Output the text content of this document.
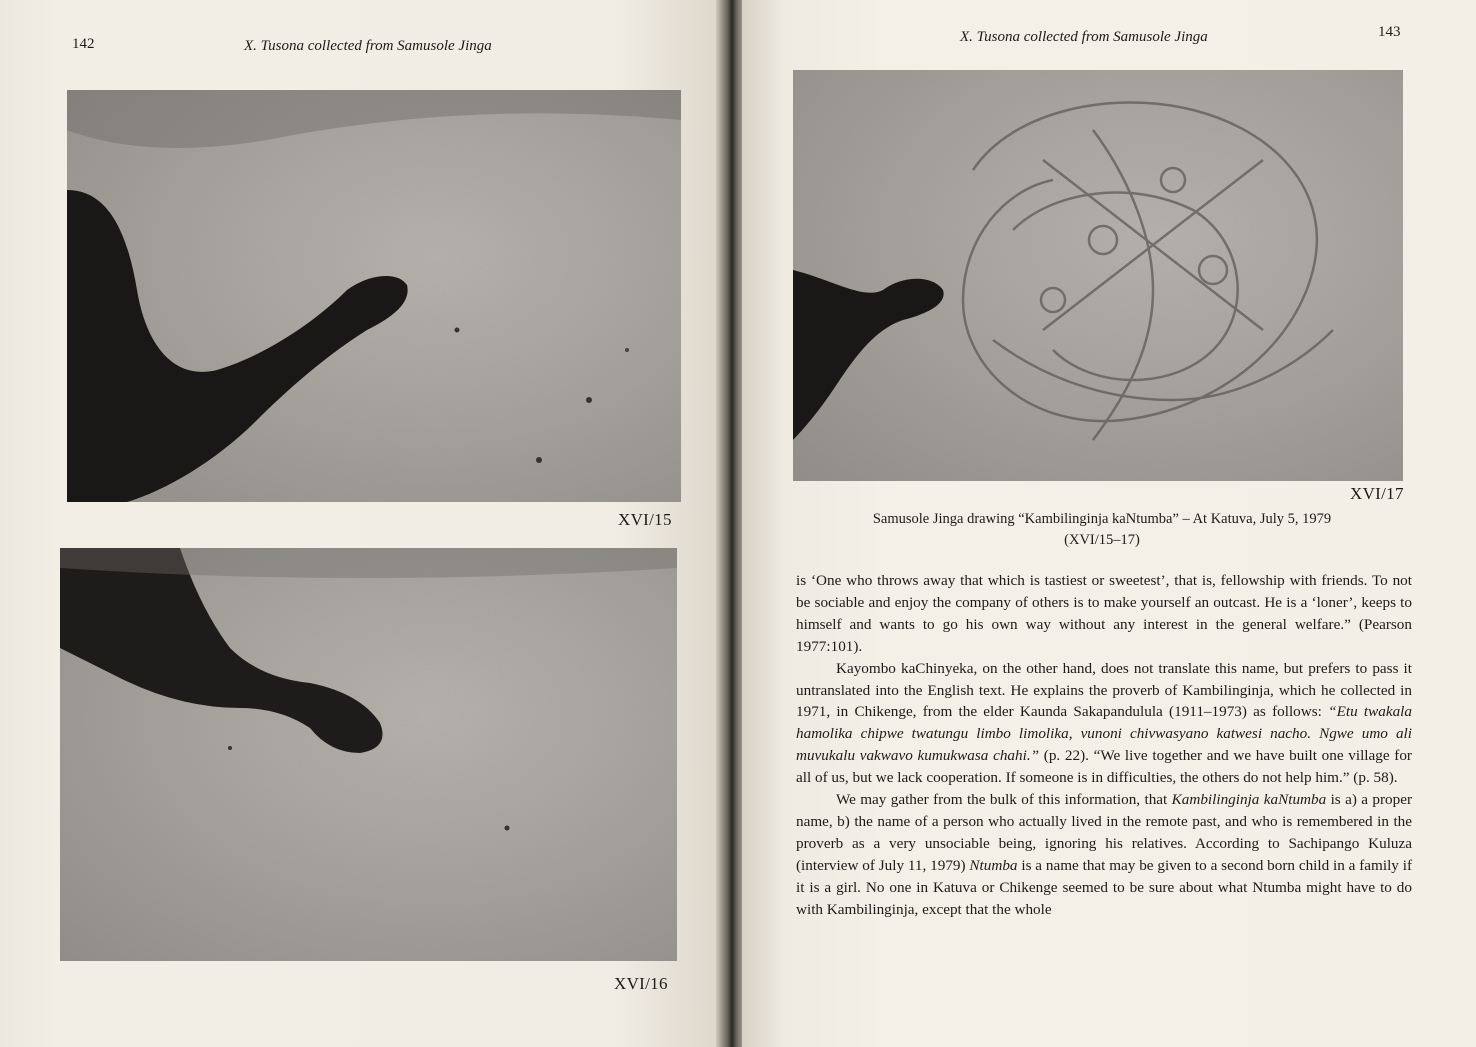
142	X. Tusona collected from Samusole Jinga
XVI/15
XVI/16
X. Tusona collected from Samusole Jinga	143
XVI/17
Samusole Jinga drawing “Kambilinginja kaNtumba” – At Katuva, July 5, 1979
(XVI/15–17)

is ‘One who throws away that which is tastiest or sweetest’, that is, fellowship with friends. To not be sociable and enjoy the company of others is to make yourself an outcast. He is a ‘loner’, keeps to himself and wants to go his own way without any interest in the general welfare.” (Pearson 1977:101).

Kayombo kaChinyeka, on the other hand, does not translate this name, but prefers to pass it untranslated into the English text. He explains the proverb of Kambilinginja, which he collected in 1971, in Chikenge, from the elder Kaunda Sakapandulula (1911–1973) as follows: “Etu twakala hamolika chipwe twatungu limbo limolika, vunoni chivwasyano katwesi nacho. Ngwe umo ali muvukalu vakwavo kumukwasa chahi.” (p. 22). “We live together and we have built one village for all of us, but we lack cooperation. If someone is in difficulties, the others do not help him.” (p. 58).

We may gather from the bulk of this information, that Kambilinginja kaNtumba is a) a proper name, b) the name of a person who actually lived in the remote past, and who is remembered in the proverb as a very unsociable being, ignoring his relatives. According to Sachipango Kuluza (interview of July 11, 1979) Ntumba is a name that may be given to a second born child in a family if it is a girl. No one in Katuva or Chikenge seemed to be sure about what Ntumba might have to do with Kambilinginja, except that the whole
